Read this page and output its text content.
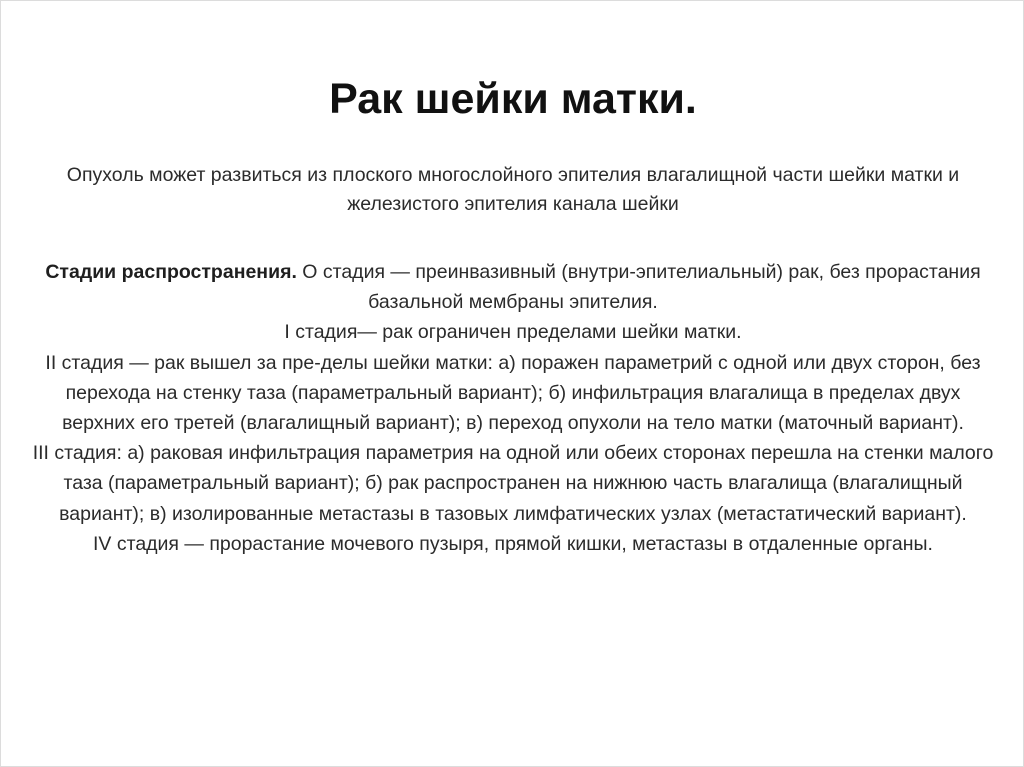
Рак шейки матки.

Опухоль может развиться из плоского многослойного эпителия влагалищной части шейки матки и железистого эпителия канала шейки

Стадии распространения. О стадия — преинвазивный (внутри-эпителиальный) рак, без прорастания базальной мембраны эпителия.
I стадия— рак ограничен пределами шейки матки.
II стадия — рак вышел за пре-делы шейки матки: а) поражен параметрий с одной или двух сторон, без перехода на стенку таза (параметральный вариант); б) инфильтрация влагалища в пределах двух верхних его третей (влагалищный вариант); в) переход опухоли на тело матки (маточный вариант).
III стадия: а) раковая инфильтрация параметрия на одной или обеих сторонах перешла на стенки малого таза (параметральный вариант); б) рак распространен на нижнюю часть влагалища (влагалищный вариант); в) изолированные метастазы в тазовых лимфатических узлах (метастатический вариант).
IV стадия — прорастание мочевого пузыря, прямой кишки, метастазы в отдаленные органы.
